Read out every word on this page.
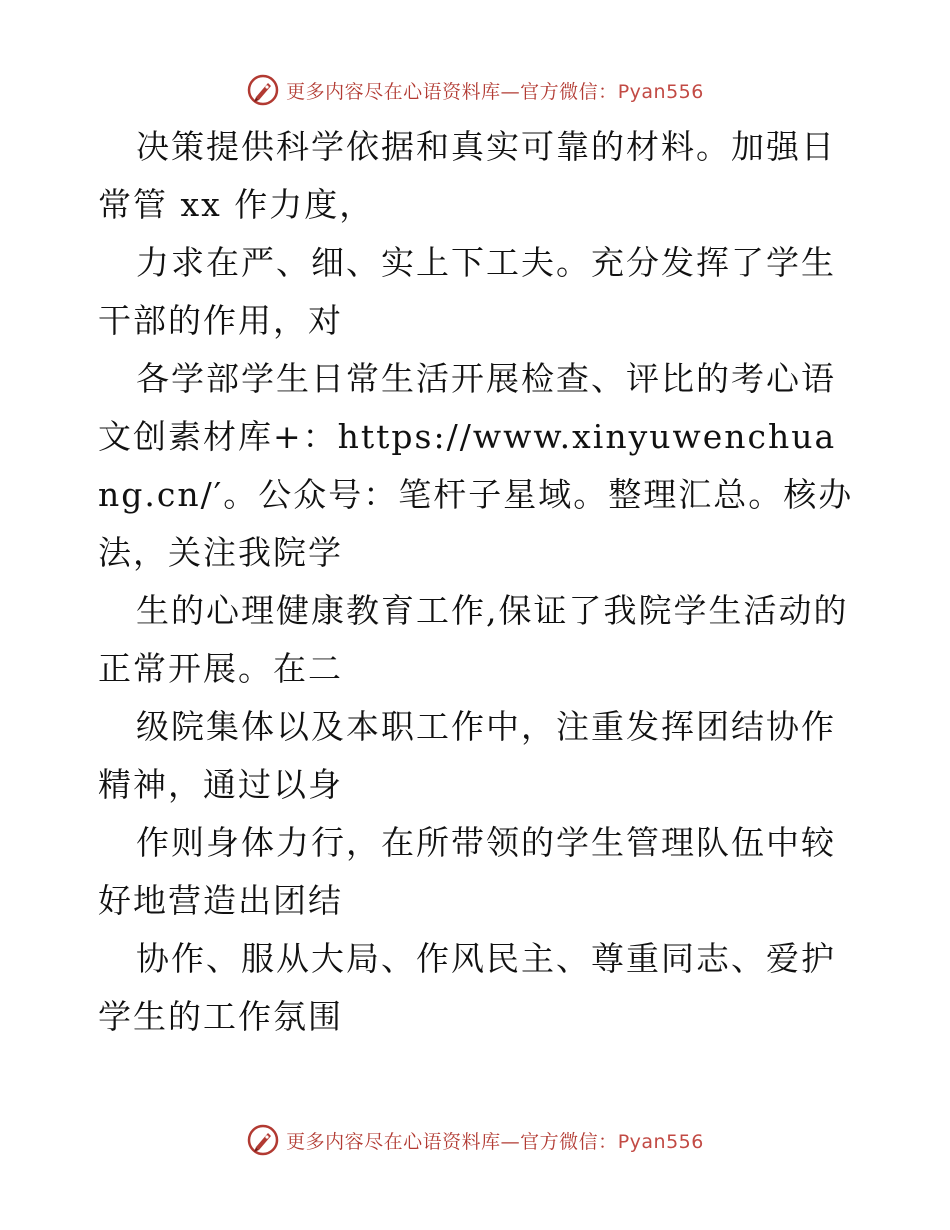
更多内容尽在心语资料库—官方微信：Pyan556

决策提供科学依据和真实可靠的材料。加强日常管 xx 作力度，

力求在严、细、实上下工夫。充分发挥了学生干部的作用，对

各学部学生日常生活开展检查、评比的考心语文创素材库+：https://www.xinyuwenchuang.cn/′。公众号：笔杆子星域。整理汇总。核办法，关注我院学

生的心理健康教育工作,保证了我院学生活动的正常开展。在二

级院集体以及本职工作中，注重发挥团结协作精神，通过以身

作则身体力行，在所带领的学生管理队伍中较好地营造出团结

协作、服从大局、作风民主、尊重同志、爱护学生的工作氛围

更多内容尽在心语资料库—官方微信：Pyan556
